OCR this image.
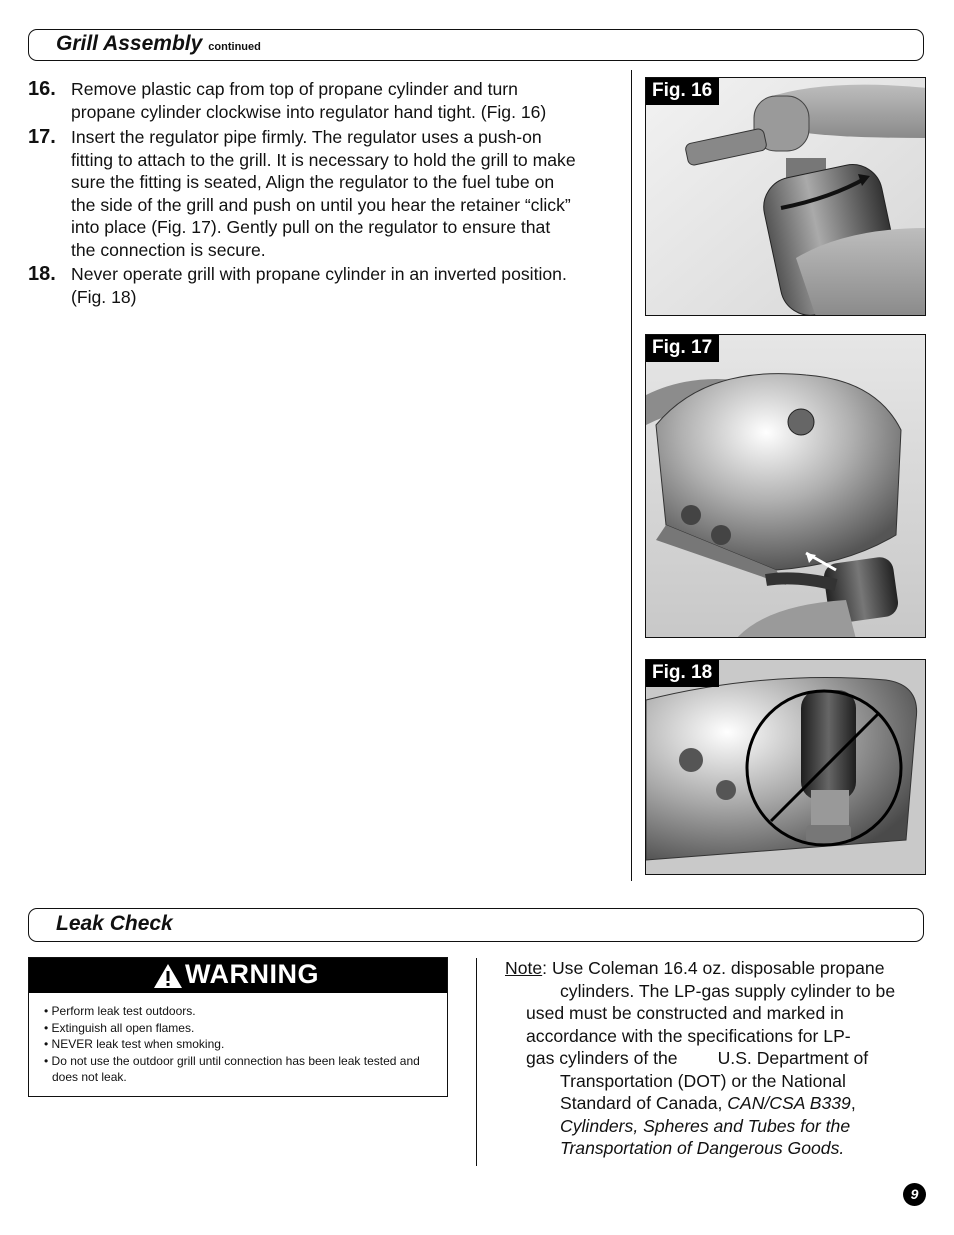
Grill Assembly continued
16. Remove plastic cap from top of propane cylinder and turn
propane cylinder clockwise into regulator hand tight. (Fig. 16)
17. Insert the regulator pipe firmly. The regulator uses a push-on
fitting to attach to the grill. It is necessary to hold the grill to make
sure the fitting is seated, Align the regulator to the fuel tube on
the side of the grill and push on until you hear the retainer “click”
into place (Fig. 17). Gently pull on the regulator to ensure that
the connection is secure.
18. Never operate grill with propane cylinder in an inverted position.
(Fig. 18)
Fig. 16
Fig. 17
Fig. 18
Leak Check
WARNING
• Perform leak test outdoors.
• Extinguish all open flames.
• NEVER leak test when smoking.
• Do not use the outdoor grill until connection has been leak tested and does not leak.
Note: Use Coleman 16.4 oz. disposable propane
cylinders. The LP-gas supply cylinder to be
used must be constructed and marked in
accordance with the specifications for LP-
gas cylinders of the U.S. Department of
Transportation (DOT) or the National
Standard of Canada, CAN/CSA B339,
Cylinders, Spheres and Tubes for the
Transportation of Dangerous Goods.
9
